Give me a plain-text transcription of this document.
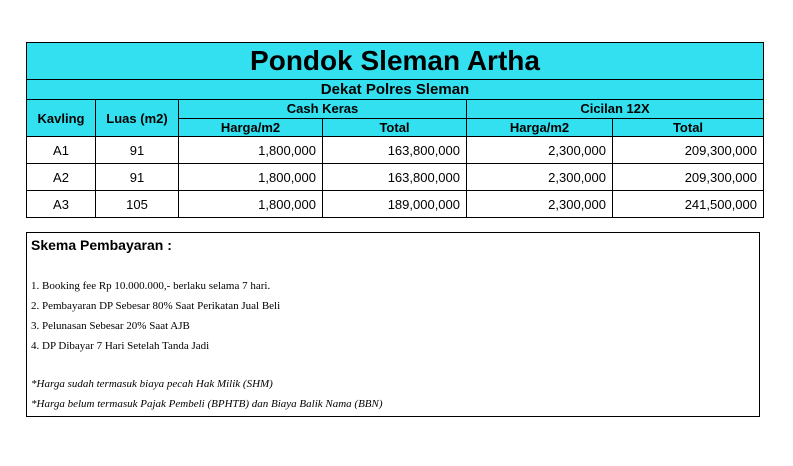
Pondok Sleman Artha					
Dekat Polres Sleman					
Kavling	Luas (m2)	Cash Keras		Cicilan 12X	
		Harga/m2	Total	Harga/m2	Total
A1	91	1,800,000	163,800,000	2,300,000	209,300,000
A2	91	1,800,000	163,800,000	2,300,000	209,300,000
A3	105	1,800,000	189,000,000	2,300,000	241,500,000
Skema Pembayaran :
1. Booking fee Rp 10.000.000,- berlaku selama 7 hari.
2. Pembayaran DP Sebesar 80% Saat Perikatan Jual Beli
3. Pelunasan Sebesar 20% Saat AJB
4. DP Dibayar 7 Hari Setelah Tanda Jadi
*Harga sudah termasuk biaya pecah Hak Milik (SHM)
*Harga belum termasuk Pajak Pembeli (BPHTB) dan Biaya Balik Nama (BBN)
